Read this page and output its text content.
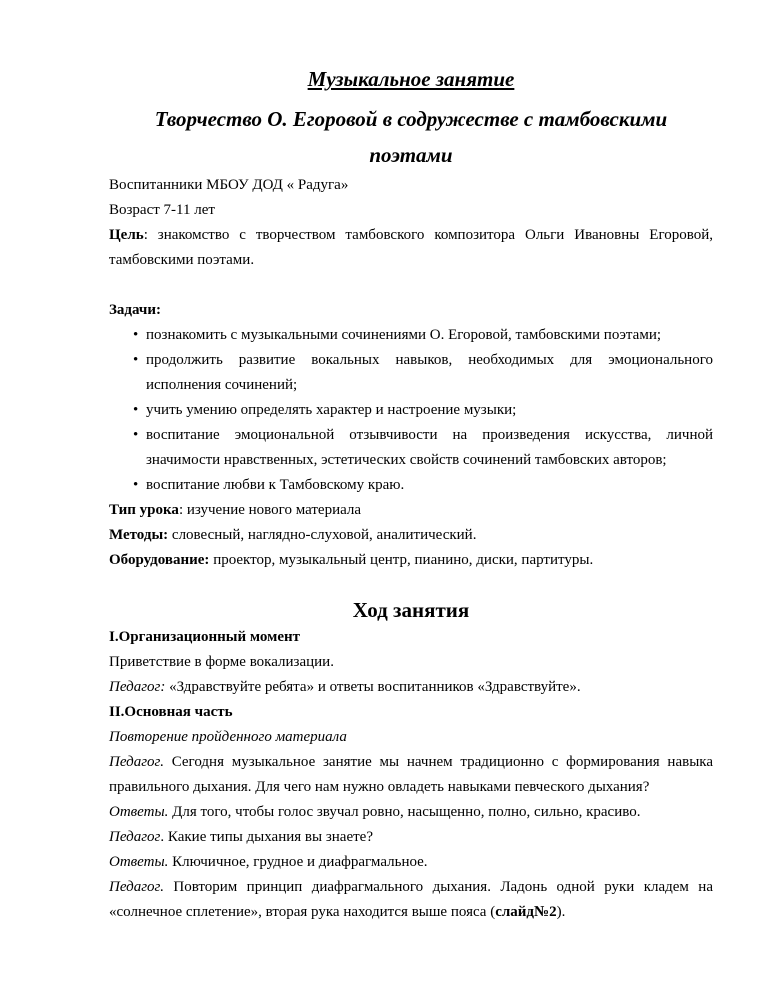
Музыкальное занятие
Творчество О. Егоровой в содружестве с тамбовскими
поэтами
Воспитанники МБОУ ДОД « Радуга»
Возраст 7-11 лет
Цель: знакомство с творчеством тамбовского композитора Ольги Ивановны Егоровой,
тамбовскими поэтами.
Задачи:
• познакомить с музыкальными сочинениями О. Егоровой, тамбовскими поэтами;
• продолжить развитие вокальных навыков, необходимых для эмоционального
исполнения сочинений;
• учить умению определять характер и настроение музыки;
• воспитание эмоциональной отзывчивости на произведения искусства, личной
значимости нравственных, эстетических свойств сочинений тамбовских авторов;
• воспитание любви к Тамбовскому краю.
Тип урока: изучение нового материала
Методы: словесный, наглядно-слуховой, аналитический.
Оборудование: проектор, музыкальный центр, пианино, диски, партитуры.
Ход занятия
I.Организационный момент
Приветствие в форме вокализации.
Педагог: «Здравствуйте ребята» и ответы воспитанников «Здравствуйте».
II.Основная часть
Повторение пройденного материала
Педагог. Сегодня музыкальное занятие мы начнем традиционно с формирования навыка
правильного дыхания. Для чего нам нужно овладеть навыками певческого дыхания?
Ответы. Для того, чтобы голос звучал ровно, насыщенно, полно, сильно, красиво.
Педагог. Какие типы дыхания вы знаете?
Ответы. Ключичное, грудное и диафрагмальное.
Педагог. Повторим принцип диафрагмального дыхания. Ладонь одной руки кладем на
«солнечное сплетение», вторая рука находится выше пояса (слайд№2).
